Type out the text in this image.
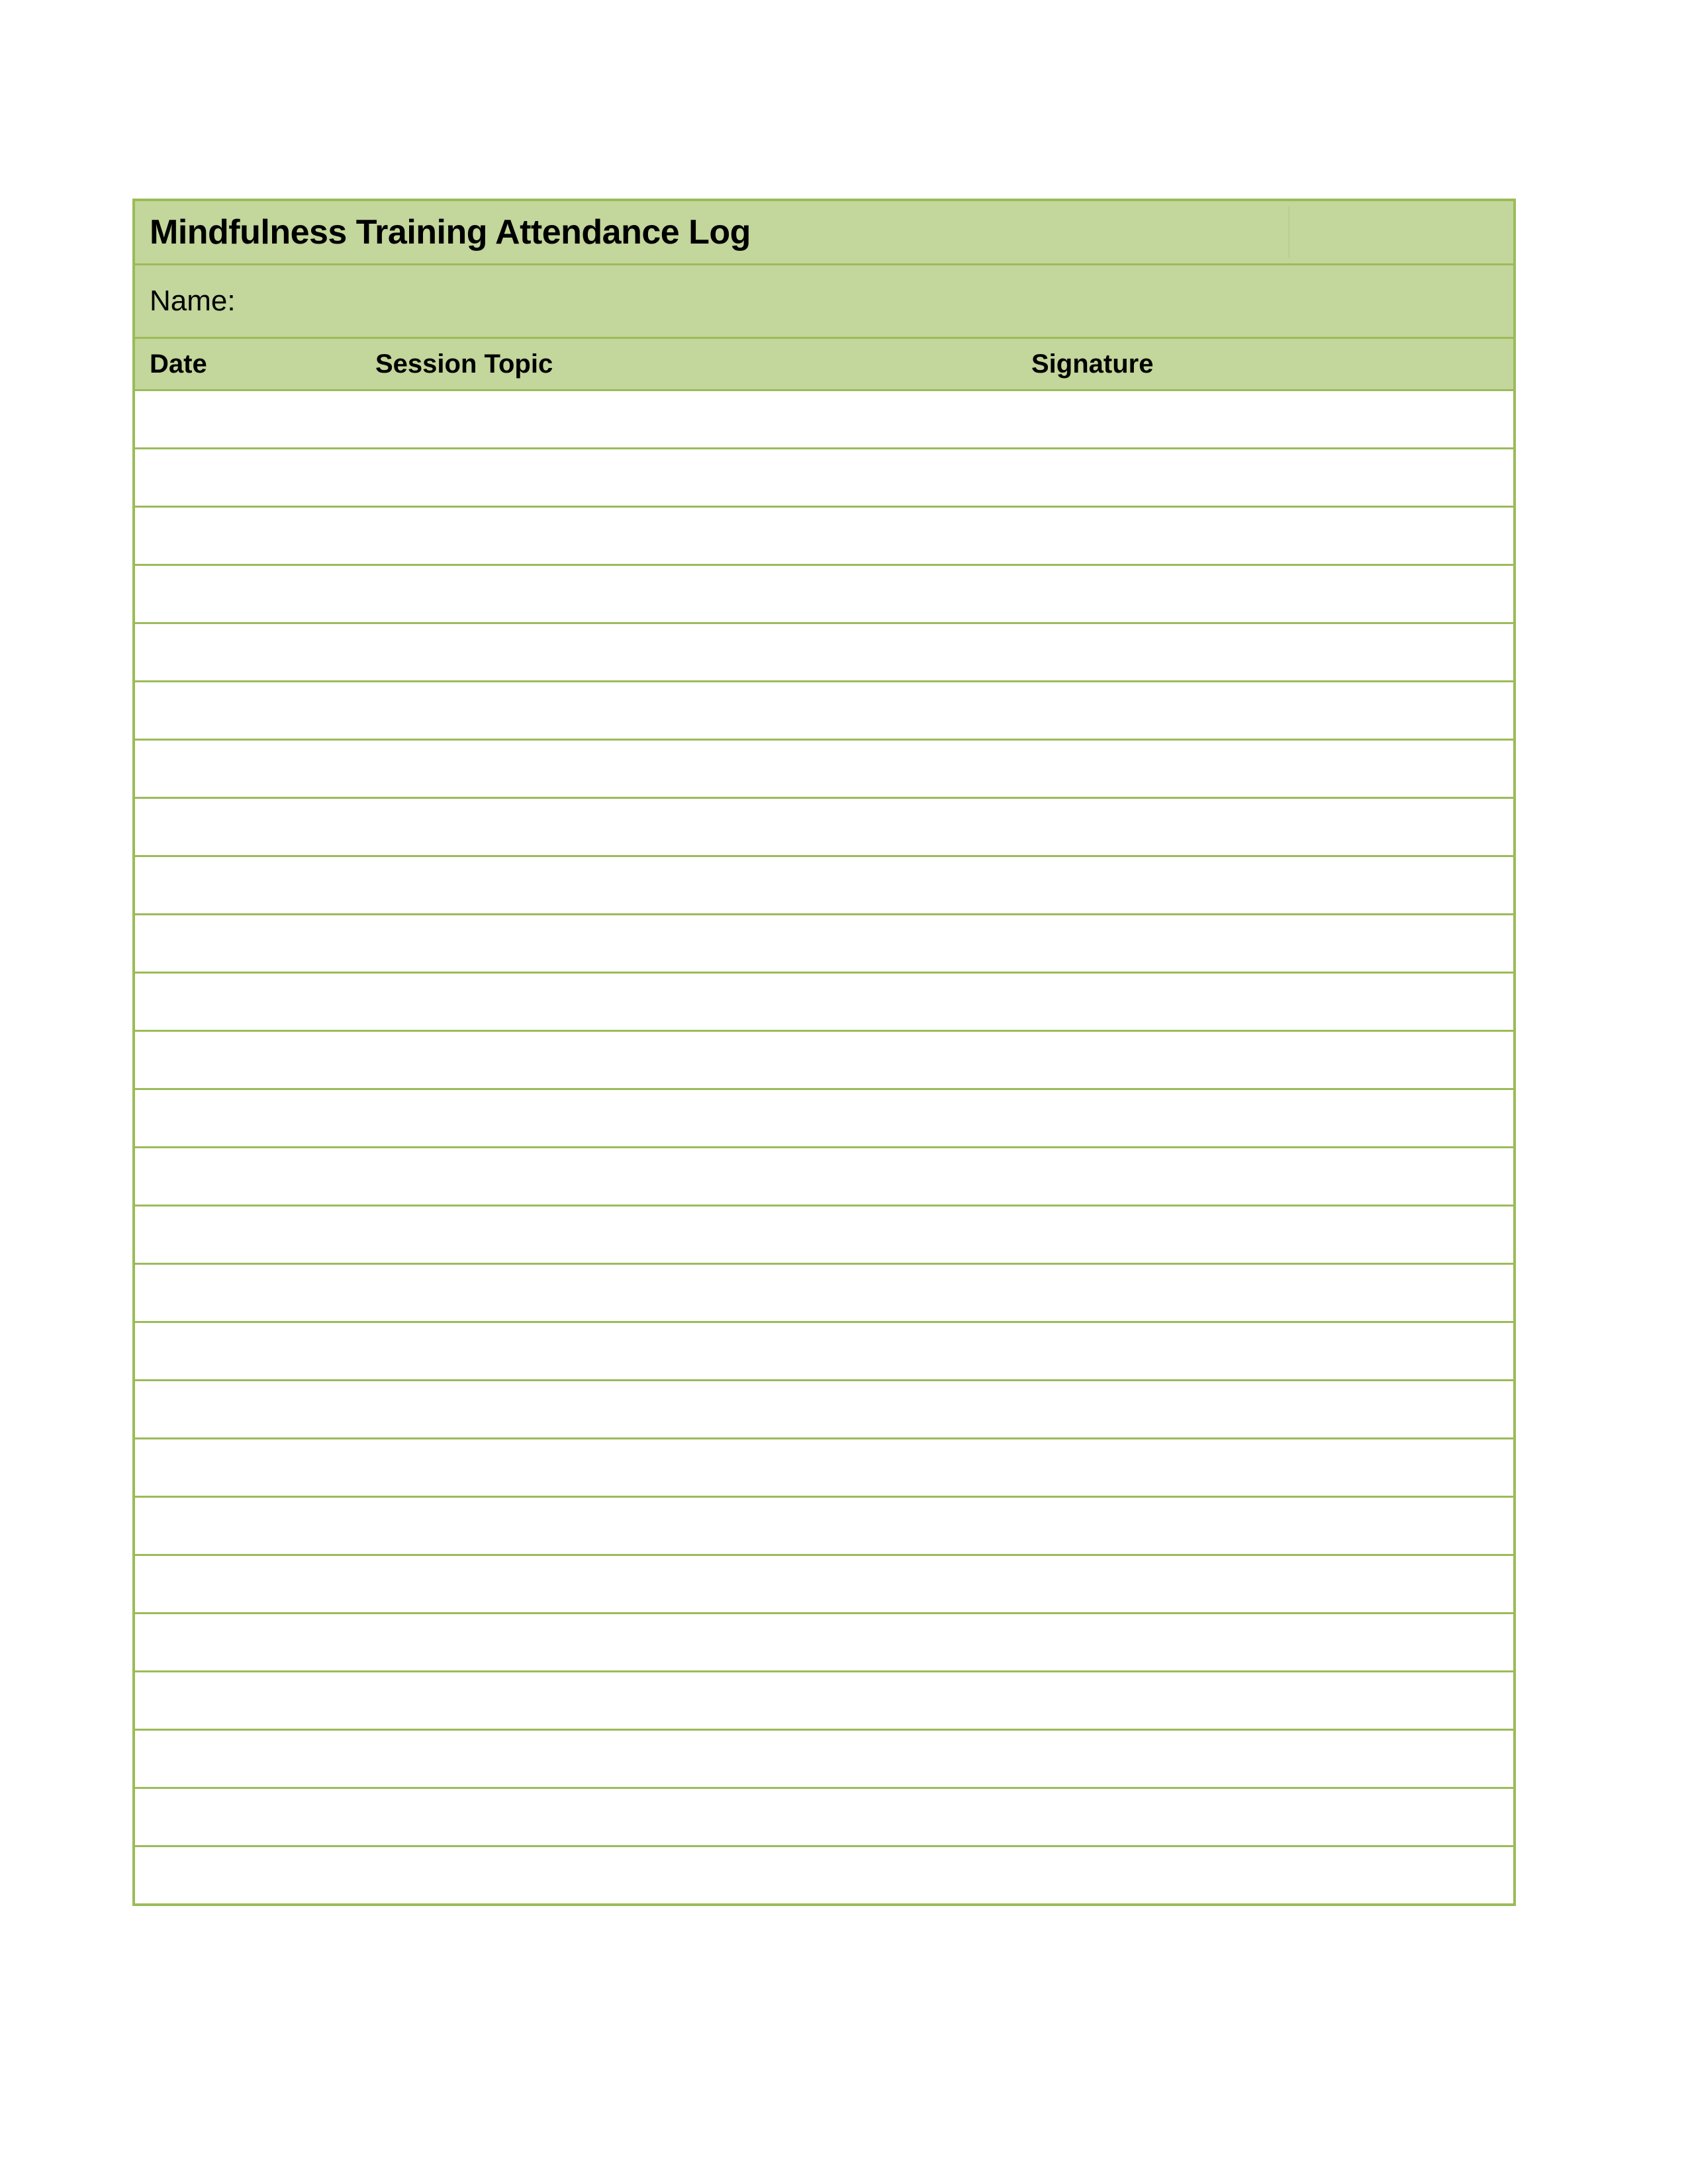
Mindfulness Training Attendance Log
Name:
Date	Session Topic	Signature
